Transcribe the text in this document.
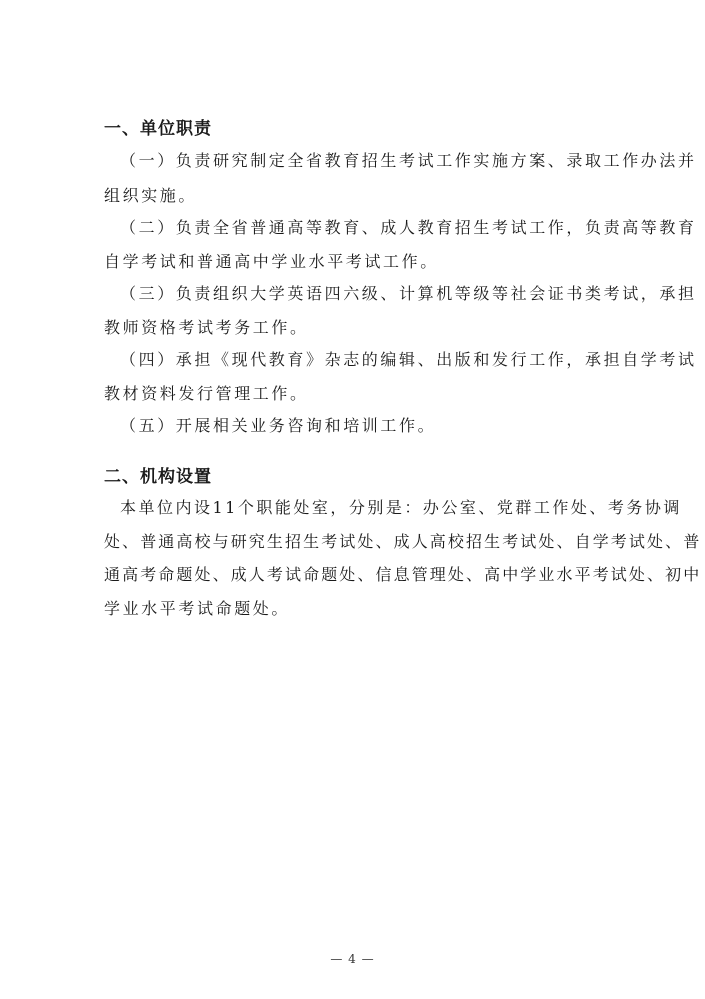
一、单位职责
（一）负责研究制定全省教育招生考试工作实施方案、录取工作办法并
组织实施。
（二）负责全省普通高等教育、成人教育招生考试工作，负责高等教育
自学考试和普通高中学业水平考试工作。
（三）负责组织大学英语四六级、计算机等级等社会证书类考试，承担
教师资格考试考务工作。
（四）承担《现代教育》杂志的编辑、出版和发行工作，承担自学考试
教材资料发行管理工作。
（五）开展相关业务咨询和培训工作。
二、机构设置
本单位内设11个职能处室，分别是：办公室、党群工作处、考务协调
处、普通高校与研究生招生考试处、成人高校招生考试处、自学考试处、普
通高考命题处、成人考试命题处、信息管理处、高中学业水平考试处、初中
学业水平考试命题处。
— 4 —
